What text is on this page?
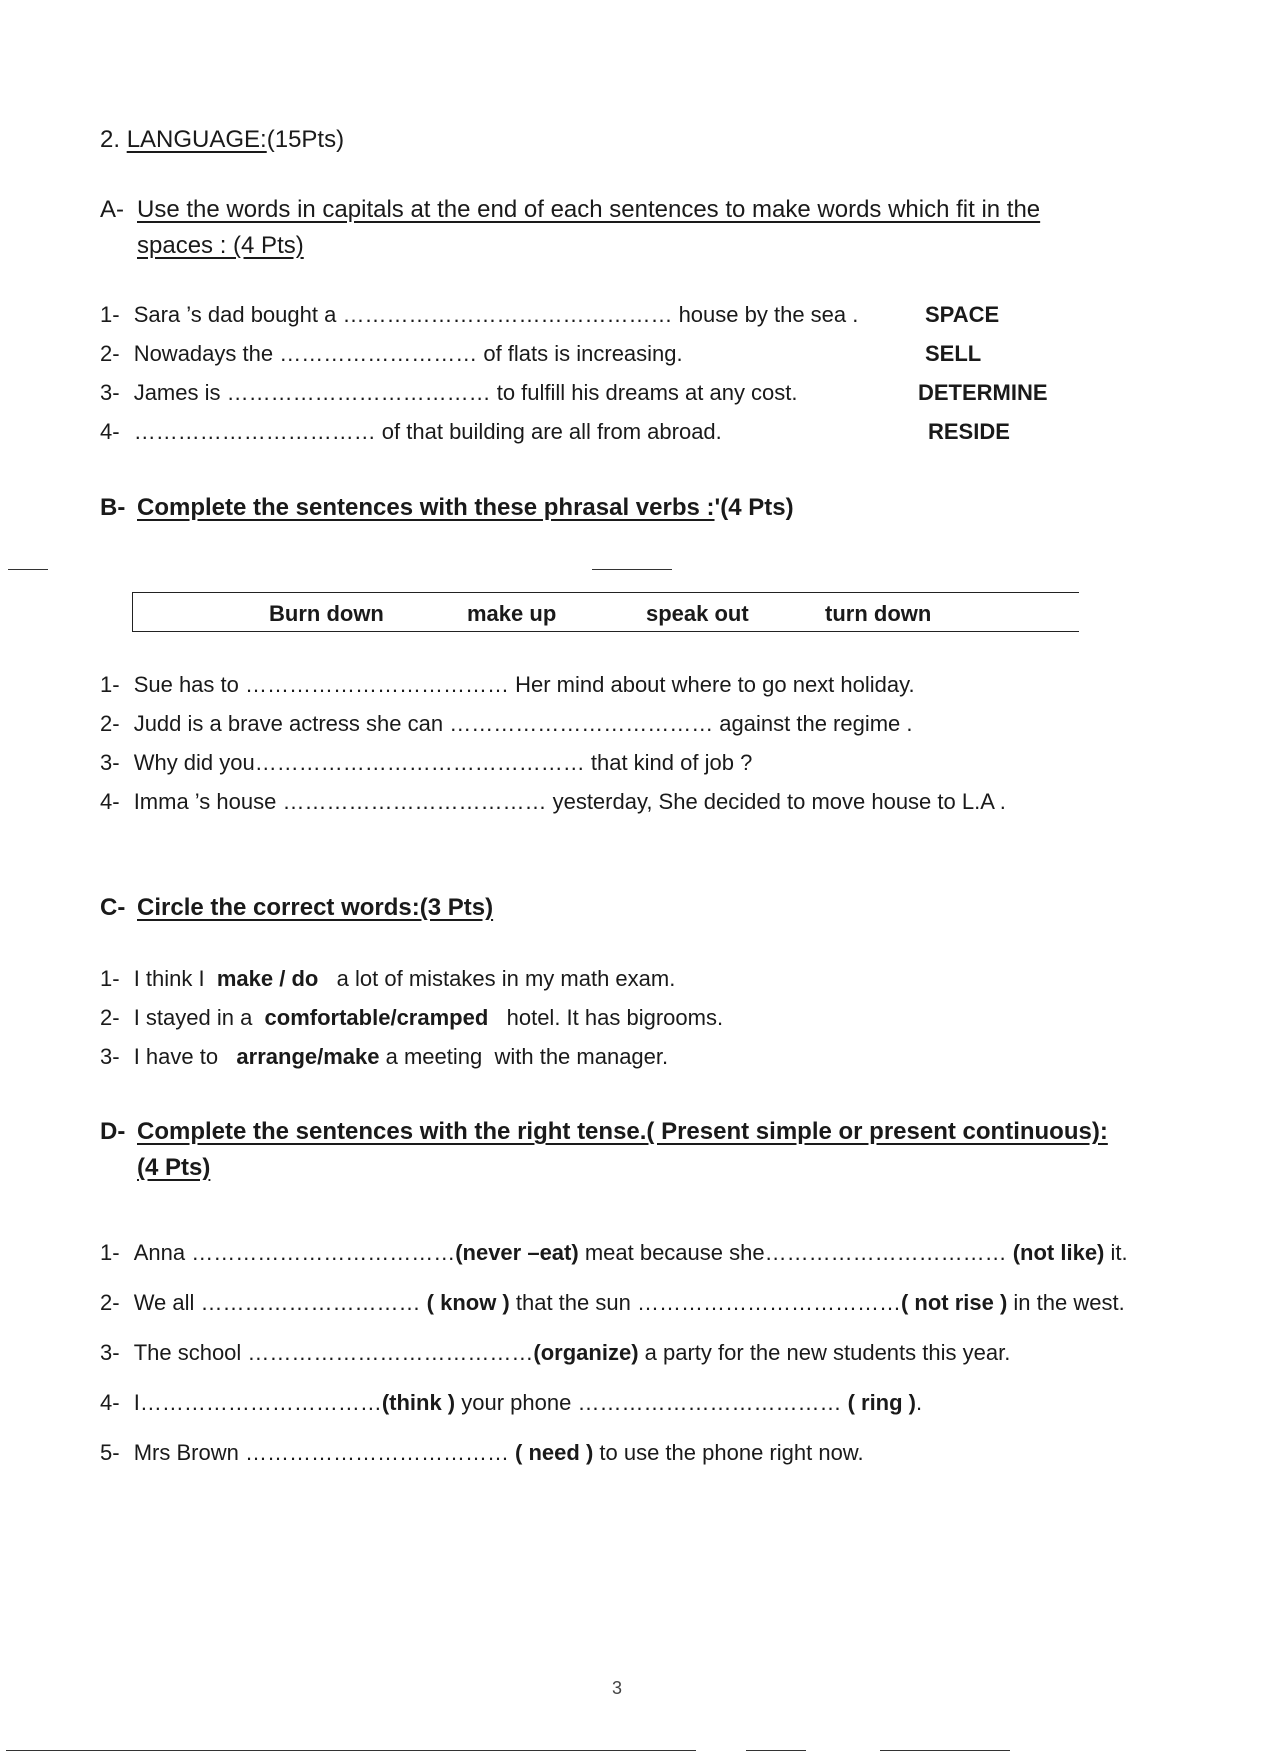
2. LANGUAGE:(15Pts)
A- Use the words in capitals at the end of each sentences to make words which fit in the
spaces : (4 Pts)
1- Sara ’s dad bought a ……………………………………… house by the sea .	SPACE
2- Nowadays the ……………………… of flats is increasing.	SELL
3- James is ……………………………… to fulfill his dreams at any cost.	DETERMINE
4- …………………………… of that building are all from abroad.	RESIDE
B- Complete the sentences with these phrasal verbs :'(4 Pts)
Burn down	make up	speak out	turn down
1- Sue has to ……………………………… Her mind about where to go next holiday.
2- Judd is a brave actress she can ……………………………… against the regime .
3- Why did you……………………………………… that kind of job ?
4- Imma ’s house ……………………………… yesterday, She decided to move house to L.A .
C- Circle the correct words:(3 Pts)
1- I think I  make / do   a lot of mistakes in my math exam.
2- I stayed in a  comfortable/cramped   hotel. It has bigrooms.
3- I have to   arrange/make a meeting  with the manager.
D- Complete the sentences with the right tense.( Present simple or present continuous):
(4 Pts)
1- Anna ………………………………(never –eat) meat because she…………………………… (not like) it.
2- We all ………………………… ( know ) that the sun ………………………………( not rise ) in the west.
3- The school …………………………………(organize) a party for the new students this year.
4- I……………………………(think ) your phone ……………………………… ( ring ).
5- Mrs Brown ……………………………… ( need ) to use the phone right now.
3
